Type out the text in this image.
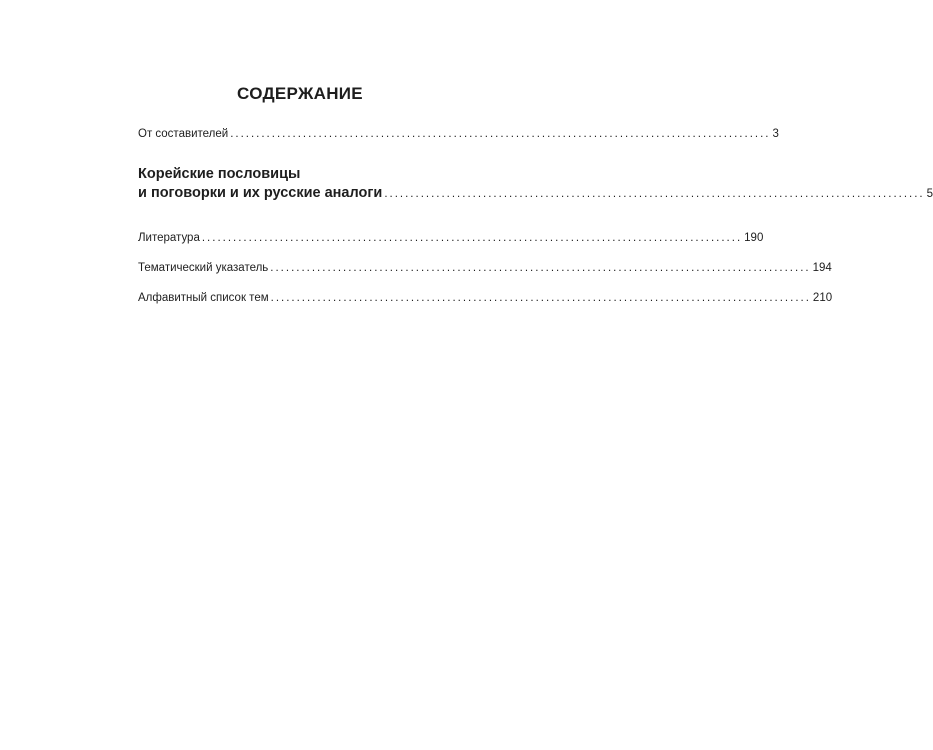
СОДЕРЖАНИЕ
От составителей ........................................................................................................ 3
Корейские пословицы
и поговорки и их русские аналоги ........................................................................................................ 5
Литература ........................................................................................................ 190
Тематический указатель ........................................................................................................ 194
Алфавитный список тем ........................................................................................................ 210
